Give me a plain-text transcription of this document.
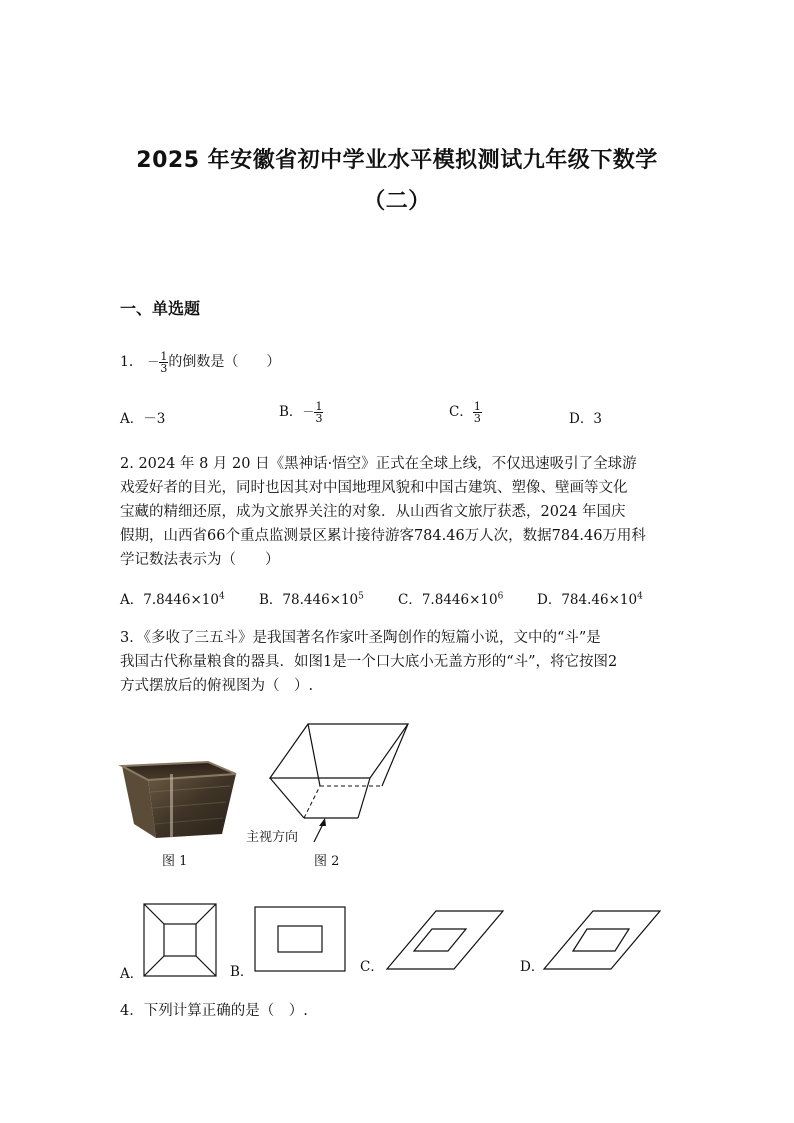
2025 年安徽省初中学业水平模拟测试九年级下数学
（二）
一、单选题
1． － $\frac{1}{3}$ 的倒数是（　　）
A．－3	B．－ $\frac{1}{3}$	C． $\frac{1}{3}$	D．3
2. 2024 年 8 月 20 日《黑神话·悟空》正式在全球上线，不仅迅速吸引了全球游
戏爱好者的目光，同时也因其对中国地理风貌和中国古建筑、塑像、壁画等文化
宝藏的精细还原，成为文旅界关注的对象．从山西省文旅厅获悉，2024 年国庆
假期，山西省66个重点监测景区累计接待游客784.46万人次，数据784.46万用科
学记数法表示为（　　）
A．$7.8446\times 10^4$	B．$78.446\times 10^5$	C．$7.8446\times 10^6$ D．$784.46\times 10^4$
3．《多收了三五斗》是我国著名作家叶圣陶创作的短篇小说，文中的“斗”是
我国古代称量粮食的器具．如图1是一个口大底小无盖方形的“斗”，将它按图2
方式摆放后的俯视图为（　）.
图 1
主视方向
图 2
A．	B．	C．	D．
4．下列计算正确的是（　）.
